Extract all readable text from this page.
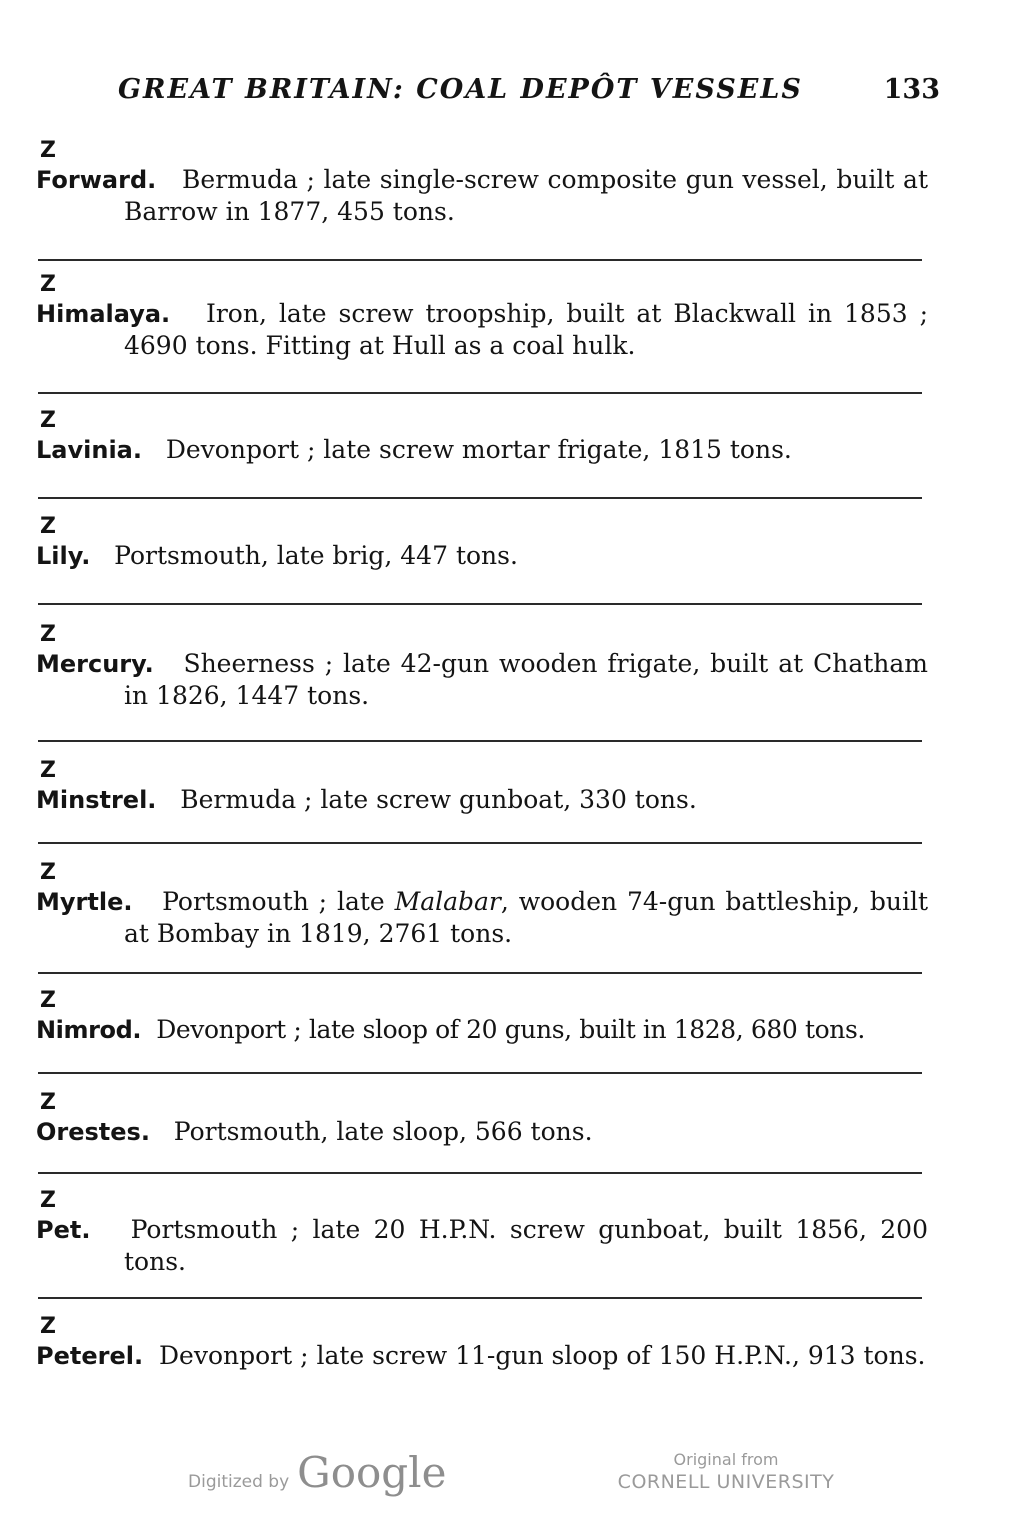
GREAT BRITAIN: COAL DEPÔT VESSELS	133
Z
Forward. Bermuda ; late single-screw composite gun vessel, built at Barrow in 1877, 455 tons.
Z
Himalaya. Iron, late screw troopship, built at Blackwall in 1853 ; 4690 tons. Fitting at Hull as a coal hulk.
Z
Lavinia. Devonport ; late screw mortar frigate, 1815 tons.
Z
Lily. Portsmouth, late brig, 447 tons.
Z
Mercury. Sheerness ; late 42-gun wooden frigate, built at Chatham in 1826, 1447 tons.
Z
Minstrel. Bermuda ; late screw gunboat, 330 tons.
Z
Myrtle. Portsmouth ; late Malabar, wooden 74-gun battleship, built at Bombay in 1819, 2761 tons.
Z
Nimrod. Devonport ; late sloop of 20 guns, built in 1828, 680 tons.
Z
Orestes. Portsmouth, late sloop, 566 tons.
Z
Pet. Portsmouth ; late 20 H.P.N. screw gunboat, built 1856, 200 tons.
Z
Peterel. Devonport ; late screw 11-gun sloop of 150 H.P.N., 913 tons.
Digitized by Google	Original from
CORNELL UNIVERSITY
